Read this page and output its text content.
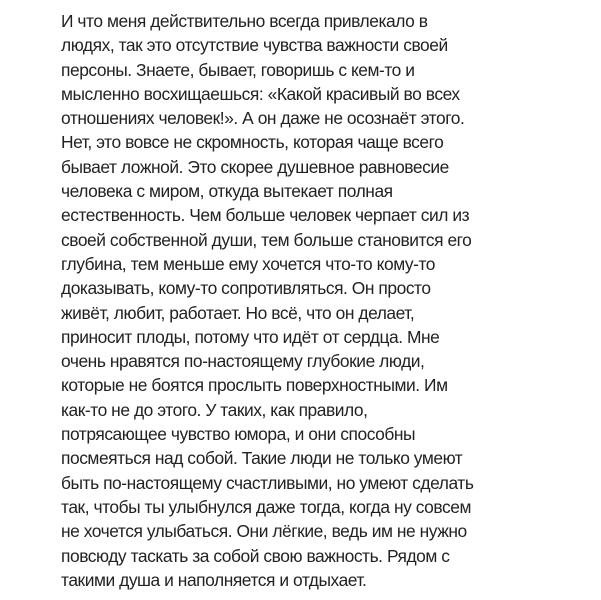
И что меня действительно всегда привлекало в
людях, так это отсутствие чувства важности своей
персоны. Знаете, бывает, говоришь с кем-то и
мысленно восхищаешься: «Какой красивый во всех
отношениях человек!». А он даже не осознаёт этого.
Нет, это вовсе не скромность, которая чаще всего
бывает ложной. Это скорее душевное равновесие
человека с миром, откуда вытекает полная
естественность. Чем больше человек черпает сил из
своей собственной души, тем больше становится его
глубина, тем меньше ему хочется что-то кому-то
доказывать, кому-то сопротивляться. Он просто
живёт, любит, работает. Но всё, что он делает,
приносит плоды, потому что идёт от сердца. Мне
очень нравятся по-настоящему глубокие люди,
которые не боятся прослыть поверхностными. Им
как-то не до этого. У таких, как правило,
потрясающее чувство юмора, и они способны
посмеяться над собой. Такие люди не только умеют
быть по-настоящему счастливыми, но умеют сделать
так, чтобы ты улыбнулся даже тогда, когда ну совсем
не хочется улыбаться. Они лёгкие, ведь им не нужно
повсюду таскать за собой свою важность. Рядом с
такими душа и наполняется и отдыхает.
